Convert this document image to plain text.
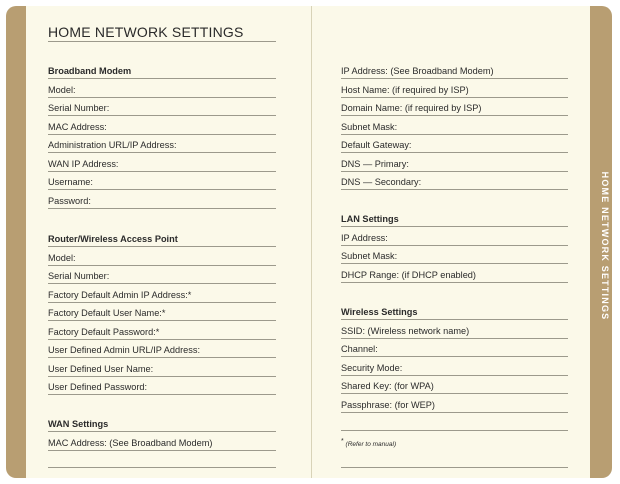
HOME NETWORK SETTINGS
HOME NETWORK SETTINGS
Broadband Modem
Model:
Serial Number:
MAC Address:
Administration URL/IP Address:
WAN IP Address:
Username:
Password:
Router/Wireless Access Point
Model:
Serial Number:
Factory Default Admin IP Address:*
Factory Default User Name:*
Factory Default Password:*
User Defined Admin URL/IP Address:
User Defined User Name:
User Defined Password:
WAN Settings
MAC Address: (See Broadband Modem)
IP Address: (See Broadband Modem)
Host Name: (if required by ISP)
Domain Name: (if required by ISP)
Subnet Mask:
Default Gateway:
DNS — Primary:
DNS — Secondary:
LAN Settings
IP Address:
Subnet Mask:
DHCP Range: (if DHCP enabled)
Wireless Settings
SSID: (Wireless network name)
Channel:
Security Mode:
Shared Key: (for WPA)
Passphrase: (for WEP)
* (Refer to manual)
